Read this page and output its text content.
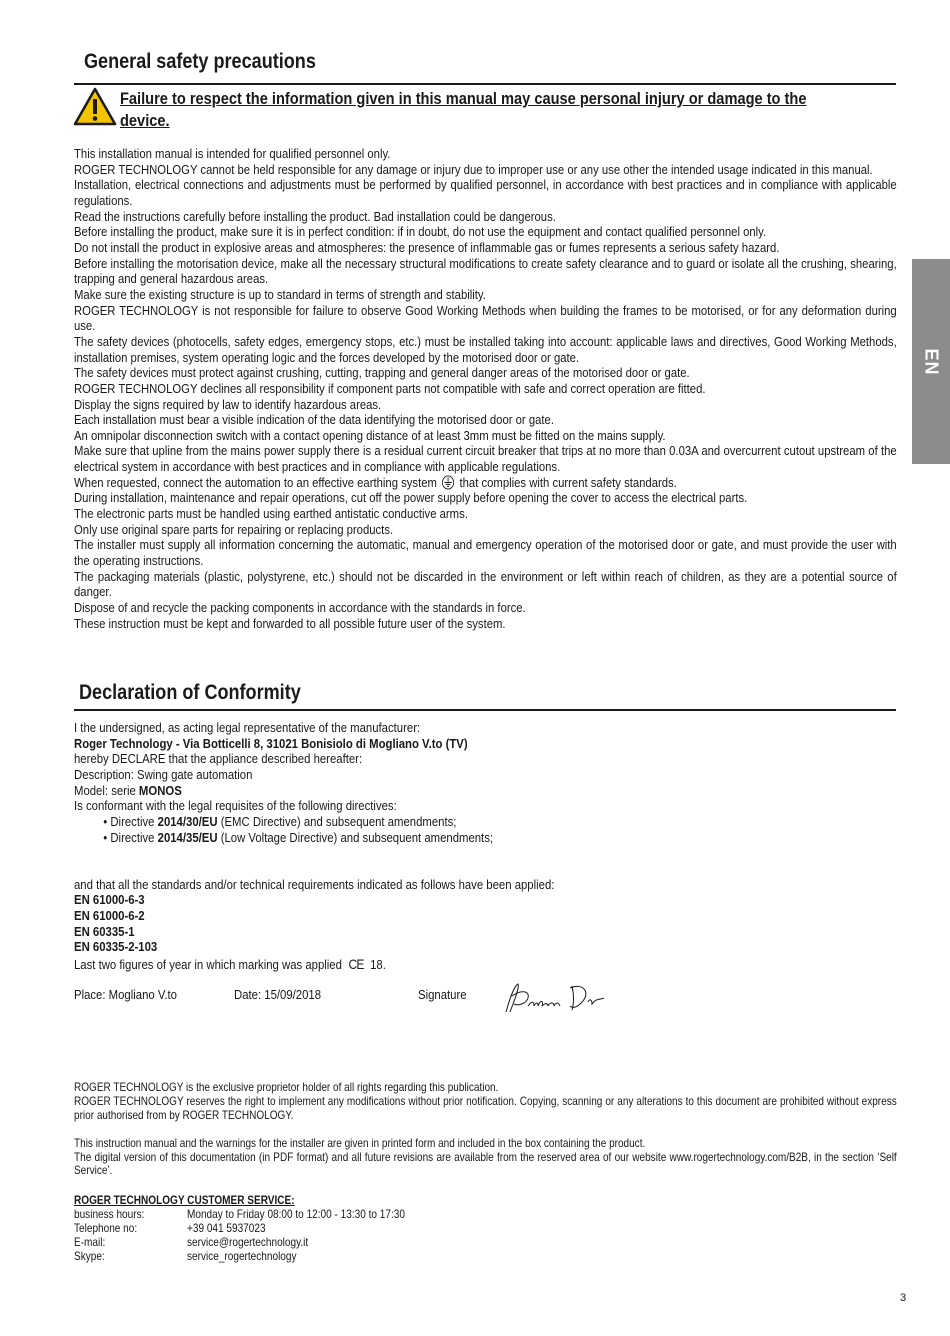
General safety precautions
Failure to respect the information given in this manual may cause personal injury or damage to the
device.

This installation manual is intended for qualified personnel only.

ROGER TECHNOLOGY cannot be held responsible for any damage or injury due to improper use or any use other the intended usage indicated in this manual.

Installation, electrical connections and adjustments must be performed by qualified personnel, in accordance with best practices and in compliance with applicable regulations.

Read the instructions carefully before installing the product. Bad installation could be dangerous.

Before installing the product, make sure it is in perfect condition: if in doubt, do not use the equipment and contact qualified personnel only.

Do not install the product in explosive areas and atmospheres: the presence of inflammable gas or fumes represents a serious safety hazard.

Before installing the motorisation device, make all the necessary structural modifications to create safety clearance and to guard or isolate all the crushing, shearing, trapping and general hazardous areas.

Make sure the existing structure is up to standard in terms of strength and stability.

ROGER TECHNOLOGY is not responsible for failure to observe Good Working Methods when building the frames to be motorised, or for any deformation during use.

The safety devices (photocells, safety edges, emergency stops, etc.) must be installed taking into account: applicable laws and directives, Good Working Methods, installation premises, system operating logic and the forces developed by the motorised door or gate.

The safety devices must protect against crushing, cutting, trapping and general danger areas of the motorised door or gate.

ROGER TECHNOLOGY declines all responsibility if component parts not compatible with safe and correct operation are fitted.

Display the signs required by law to identify hazardous areas.

Each installation must bear a visible indication of the data identifying the motorised door or gate.

An omnipolar disconnection switch with a contact opening distance of at least 3mm must be fitted on the mains supply.

Make sure that upline from the mains power supply there is a residual current circuit breaker that trips at no more than 0.03A and overcurrent cutout upstream of the electrical system in accordance with best practices and in compliance with applicable regulations.

When requested, connect the automation to an effective earthing system that complies with current safety standards.

During installation, maintenance and repair operations, cut off the power supply before opening the cover to access the electrical parts.

The electronic parts must be handled using earthed antistatic conductive arms.

Only use original spare parts for repairing or replacing products.

The installer must supply all information concerning the automatic, manual and emergency operation of the motorised door or gate, and must provide the user with the operating instructions.

The packaging materials (plastic, polystyrene, etc.) should not be discarded in the environment or left within reach of children, as they are a potential source of danger.

Dispose of and recycle the packing components in accordance with the standards in force.

These instruction must be kept and forwarded to all possible future user of the system.

EN
Declaration of Conformity
I the undersigned, as acting legal representative of the manufacturer:
Roger Technology - Via Botticelli 8, 31021 Bonisiolo di Mogliano V.to (TV)
hereby DECLARE that the appliance described hereafter:
Description: Swing gate automation
Model: serie MONOS
Is conformant with the legal requisites of the following directives:
• Directive 2014/30/EU (EMC Directive) and subsequent amendments;
• Directive 2014/35/EU (Low Voltage Directive) and subsequent amendments;
and that all the standards and/or technical requirements indicated as follows have been applied:
EN 61000-6-3
EN 61000-6-2
EN 60335-1
EN 60335-2-103
Last two figures of year in which marking was applied CE 18.
Place: Mogliano V.to	Date: 15/09/2018	Signature

ROGER TECHNOLOGY is the exclusive proprietor holder of all rights regarding this publication.

ROGER TECHNOLOGY reserves the right to implement any modifications without prior notification. Copying, scanning or any alterations to this document are prohibited without express prior authorised from by ROGER TECHNOLOGY.

This instruction manual and the warnings for the installer are given in printed form and included in the box containing the product.

The digital version of this documentation (in PDF format) and all future revisions are available from the reserved area of our website www.rogertechnology.com/B2B, in the section ‘Self Service’.

ROGER TECHNOLOGY CUSTOMER SERVICE:
business hours:	Monday to Friday 08:00 to 12:00 - 13:30 to 17:30
Telephone no:	+39 041 5937023
E-mail:	service@rogertechnology.it
Skype:	service_rogertechnology
3
